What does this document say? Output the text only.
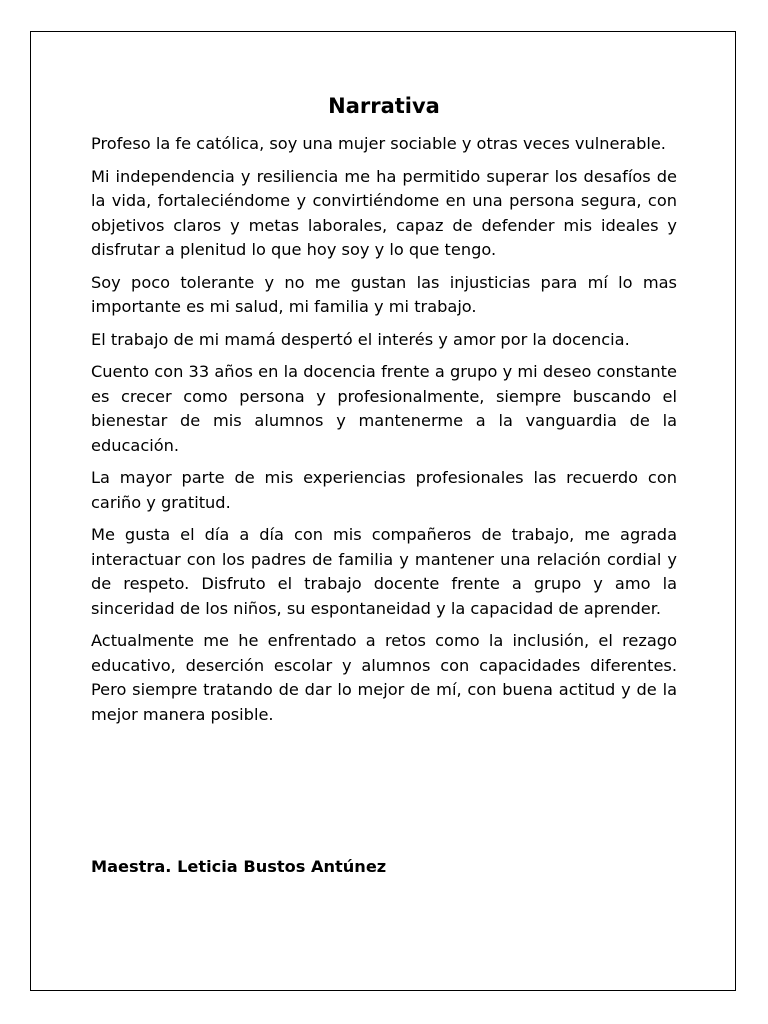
Narrativa

Profeso la fe católica, soy una mujer sociable y otras veces vulnerable.

Mi independencia y resiliencia me ha permitido superar los desafíos de la vida, fortaleciéndome y convirtiéndome en una persona segura, con objetivos claros y metas laborales, capaz de defender mis ideales y disfrutar a plenitud lo que hoy soy y lo que tengo.

Soy poco tolerante y no me gustan las injusticias para mí lo mas importante es mi salud, mi familia y mi trabajo.

El trabajo de mi mamá despertó el interés y amor por la docencia.

Cuento con 33 años en la docencia frente a grupo y mi deseo constante es crecer como persona y profesionalmente, siempre buscando el bienestar de mis alumnos y mantenerme a la vanguardia de la educación.

La mayor parte de mis experiencias profesionales las recuerdo con cariño y gratitud.

Me gusta el día a día con mis compañeros de trabajo, me agrada interactuar con los padres de familia y mantener una relación cordial y de respeto. Disfruto el trabajo docente frente a grupo y amo la sinceridad de los niños, su espontaneidad y la capacidad de aprender.

Actualmente me he enfrentado a retos como la inclusión, el rezago educativo, deserción escolar y alumnos con capacidades diferentes. Pero siempre tratando de dar lo mejor de mí, con buena actitud y de la mejor manera posible.

Maestra. Leticia Bustos Antúnez
